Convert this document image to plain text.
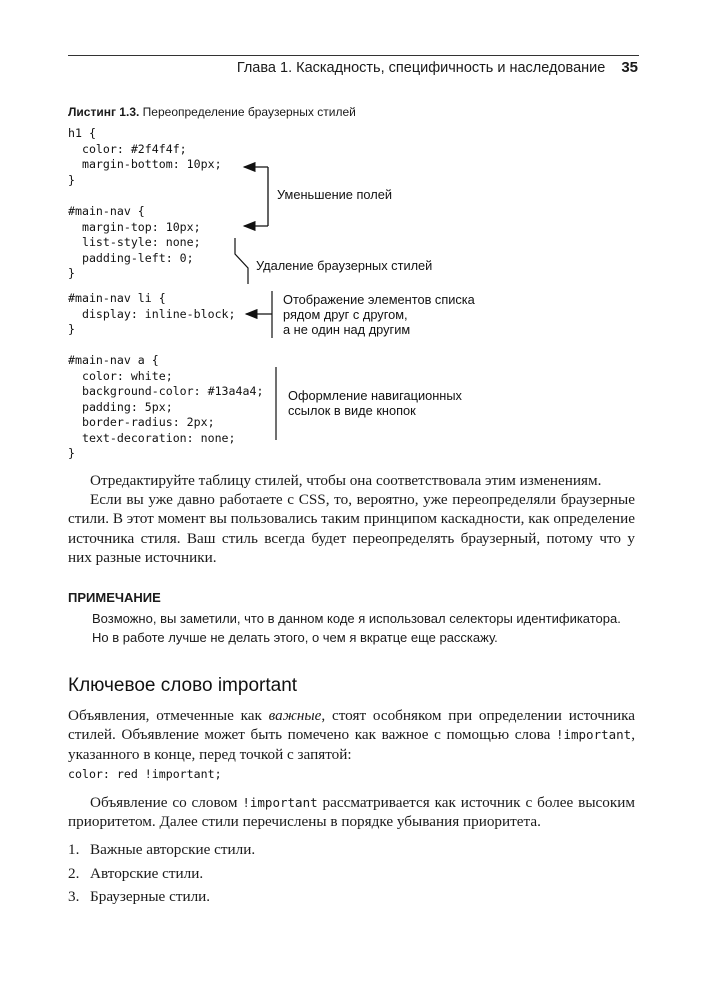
Глава 1. Каскадность, специфичность и наследование 35
Листинг 1.3. Переопределение браузерных стилей
h1 {
color: #2f4f4f;
margin-bottom: 10px;
}
#main-nav {
margin-top: 10px;
list-style: none;
padding-left: 0;
}
#main-nav li {
display: inline-block;
}
#main-nav a {
color: white;
background-color: #13a4a4;
padding: 5px;
border-radius: 2px;
text-decoration: none;
}
Уменьшение полей
Удаление браузерных стилей
Отображение элементов списка
рядом друг с другом,
а не один над другим
Оформление навигационных
ссылок в виде кнопок
Отредактируйте таблицу стилей, чтобы она соответствовала этим изменениям.
Если вы уже давно работаете с CSS, то, вероятно, уже переопределяли браузерные стили. В этот момент вы пользовались таким принципом каскадности, как определение источника стиля. Ваш стиль всегда будет переопределять браузерный, потому что у них разные источники.
ПРИМЕЧАНИЕ
Возможно, вы заметили, что в данном коде я использовал селекторы идентификатора. Но в работе лучше не делать этого, о чем я вкратце еще расскажу.
Ключевое слово important
Объявления, отмеченные как важные, стоят особняком при определении источника стилей. Объявление может быть помечено как важное с помощью слова !important, указанного в конце, перед точкой с запятой:
color: red !important;
Объявление со словом !important рассматривается как источник с более высоким приоритетом. Далее стили перечислены в порядке убывания приоритета.
1. Важные авторские стили.
2. Авторские стили.
3. Браузерные стили.
